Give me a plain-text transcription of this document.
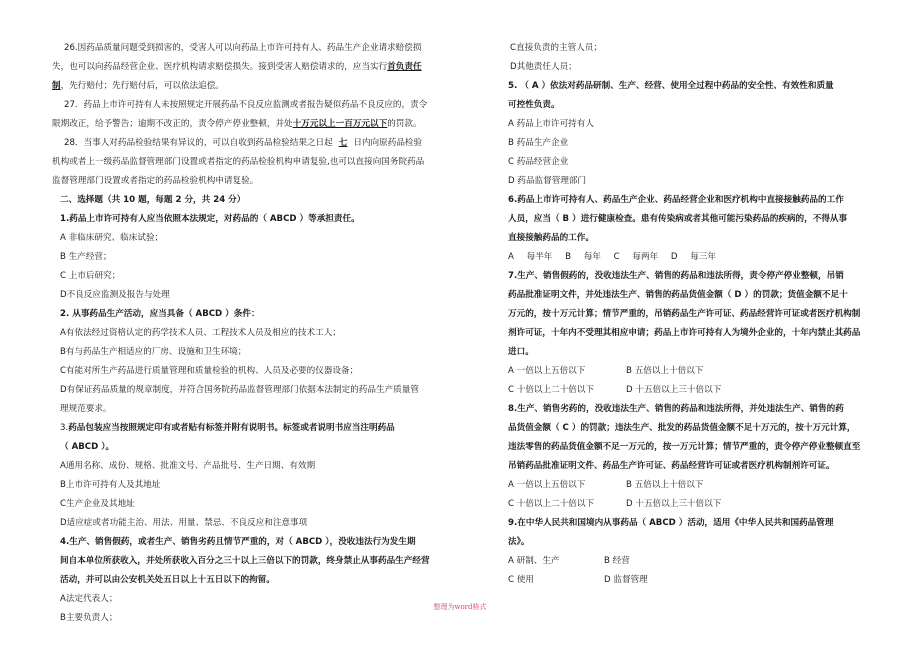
26.因药品质量问题受到损害的，受害人可以向药品上市许可持有人、药品生产企业请求赔偿损
失，也可以向药品经营企业、医疗机构请求赔偿损失。接到受害人赔偿请求的，应当实行首负责任
制，先行赔付；先行赔付后，可以依法追偿。
27．药品上市许可持有人未按照规定开展药品不良反应监测或者报告疑似药品不良反应的，责令
限期改正，给予警告；逾期不改正的，责令停产停业整顿，并处十万元以上一百万元以下的罚款。
28．当事人对药品检验结果有异议的，可以自收到药品检验结果之日起 七 日内向原药品检验
机构或者上一级药品监督管理部门设置或者指定的药品检验机构申请复验,也可以直接向国务院药品
监督管理部门设置或者指定的药品检验机构申请复验。
二、选择题（共 10 题，每题 2 分，共 24 分）
1.药品上市许可持有人应当依照本法规定，对药品的（ ABCD ）等承担责任。
A 非临床研究、临床试验；
B 生产经营；
C 上市后研究；
D不良反应监测及报告与处理
2. 从事药品生产活动，应当具备（ ABCD ）条件：
A有依法经过资格认定的药学技术人员、工程技术人员及相应的技术工人；
B有与药品生产相适应的厂房、设施和卫生环境；
C有能对所生产药品进行质量管理和质量检验的机构、人员及必要的仪器设备；
D有保证药品质量的规章制度，并符合国务院药品监督管理部门依据本法制定的药品生产质量管
理规范要求。
3.药品包装应当按照规定印有或者贴有标签并附有说明书。标签或者说明书应当注明药品
（ ABCD ）。
A通用名称、成份、规格、批准文号、产品批号、生产日期、有效期
B上市许可持有人及其地址
C生产企业及其地址
D适应症或者功能主治、用法、用量、禁忌、不良反应和注意事项
4.生产、销售假药，或者生产、销售劣药且情节严重的，对（ ABCD ），没收违法行为发生期
间自本单位所获收入，并处所获收入百分之三十以上三倍以下的罚款，终身禁止从事药品生产经营
活动，并可以由公安机关处五日以上十五日以下的拘留。
A法定代表人；
B主要负责人；
C直接负责的主管人员；
D其他责任人员；
5. （ A ）依法对药品研制、生产、经营、使用全过程中药品的安全性、有效性和质量
可控性负责。
A 药品上市许可持有人
B 药品生产企业
C 药品经营企业
D 药品监督管理部门
6.药品上市许可持有人、药品生产企业、药品经营企业和医疗机构中直接接触药品的工作
人员，应当（ B ）进行健康检查。患有传染病或者其他可能污染药品的疾病的，不得从事
直接接触药品的工作。
A 每半年 B 每年 C 每两年 D 每三年
7.生产、销售假药的，没收违法生产、销售的药品和违法所得，责令停产停业整顿，吊销
药品批准证明文件，并处违法生产、销售的药品货值金额（ D ）的罚款；货值金额不足十
万元的，按十万元计算；情节严重的，吊销药品生产许可证、药品经营许可证或者医疗机构制
剂许可证，十年内不受理其相应申请；药品上市许可持有人为境外企业的，十年内禁止其药品
进口。
A 一倍以上五倍以下	B 五倍以上十倍以下
C 十倍以上二十倍以下	D 十五倍以上三十倍以下
8.生产、销售劣药的，没收违法生产、销售的药品和违法所得，并处违法生产、销售的药
品货值金额（ C ）的罚款；违法生产、批发的药品货值金额不足十万元的，按十万元计算，
违法零售的药品货值金额不足一万元的，按一万元计算；情节严重的，责令停产停业整顿直至
吊销药品批准证明文件、药品生产许可证、药品经营许可证或者医疗机构制剂许可证。
A 一倍以上五倍以下	B 五倍以上十倍以下
C 十倍以上二十倍以下	D 十五倍以上三十倍以下
9.在中华人民共和国境内从事药品（ ABCD ）活动，适用《中华人民共和国药品管理
法》。
A 研制、生产	B 经营
C 使用	D 监督管理
整理为word格式
